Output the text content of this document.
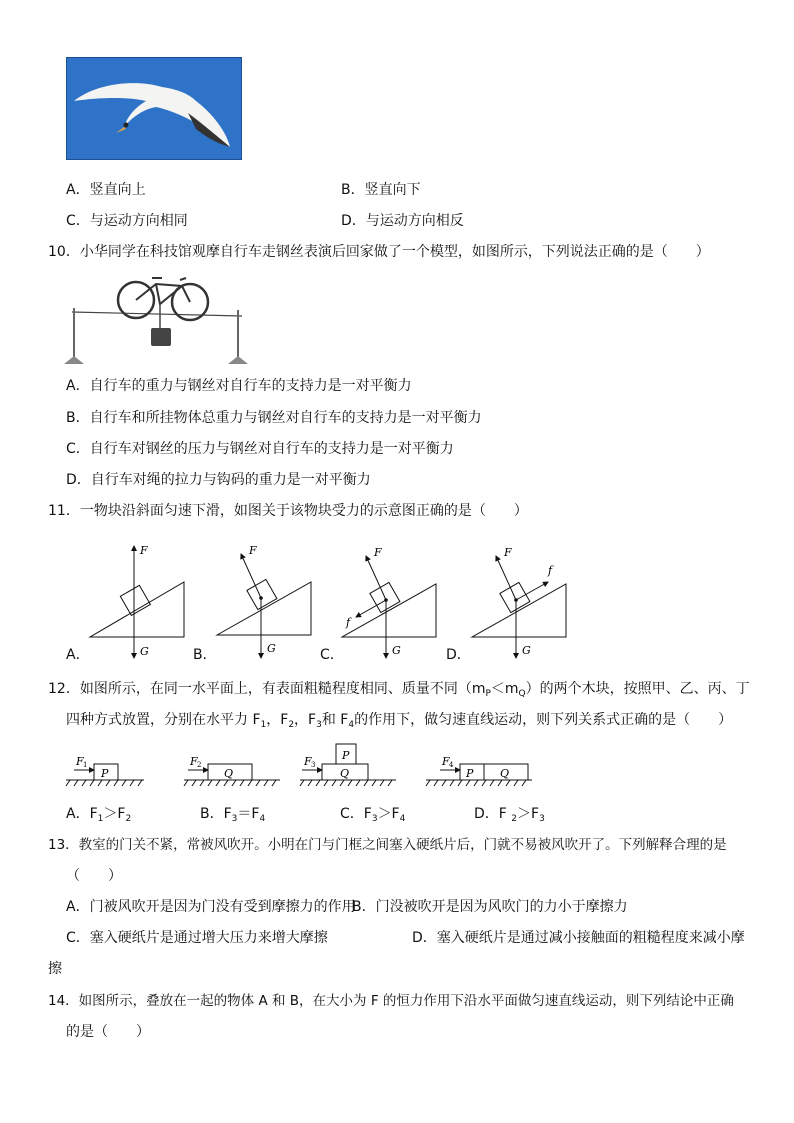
A．竖直向上	B．竖直向下
C．与运动方向相同	D．与运动方向相反
10．小华同学在科技馆观摩自行车走钢丝表演后回家做了一个模型，如图所示，下列说法正确的是（　　）
A．自行车的重力与钢丝对自行车的支持力是一对平衡力
B．自行车和所挂物体总重力与钢丝对自行车的支持力是一对平衡力
C．自行车对钢丝的压力与钢丝对自行车的支持力是一对平衡力
D．自行车对绳的拉力与钩码的重力是一对平衡力
11．一物块沿斜面匀速下滑，如图关于该物块受力的示意图正确的是（　　）
A．	B．	C．	D．
F
G
F
G
F
f
G
F
f
G
12．如图所示，在同一水平面上，有表面粗糙程度相同、质量不同$(m_P<m_Q)$的两个木块，按照甲、乙、丙、丁
四种方式放置，分别在水平力 $F_1$，$F_2$，$F_3$和 $F_4$的作用下，做匀速直线运动，则下列关系式正确的是（　　）
F 1
P
F 2
Q
F 3
Q
P	F 4
P Q
A．$F_1>F_2$	B．$F_3=F_4$	C．$F_3>F_4$	D．F $_2>F_3$
13．教室的门关不紧，常被风吹开。小明在门与门框之间塞入硬纸片后，门就不易被风吹开了。下列解释合理的是
（　　）
A．门被风吹开是因为门没有受到摩擦力的作用
B．门没被吹开是因为风吹门的力小于摩擦力
C．塞入硬纸片是通过增大压力来增大摩擦	D．塞入硬纸片是通过减小接触面的粗糙程度来减小摩
擦
14．如图所示，叠放在一起的物体 A 和 B，在大小为 F 的恒力作用下沿水平面做匀速直线运动，则下列结论中正确
的是（　　）
